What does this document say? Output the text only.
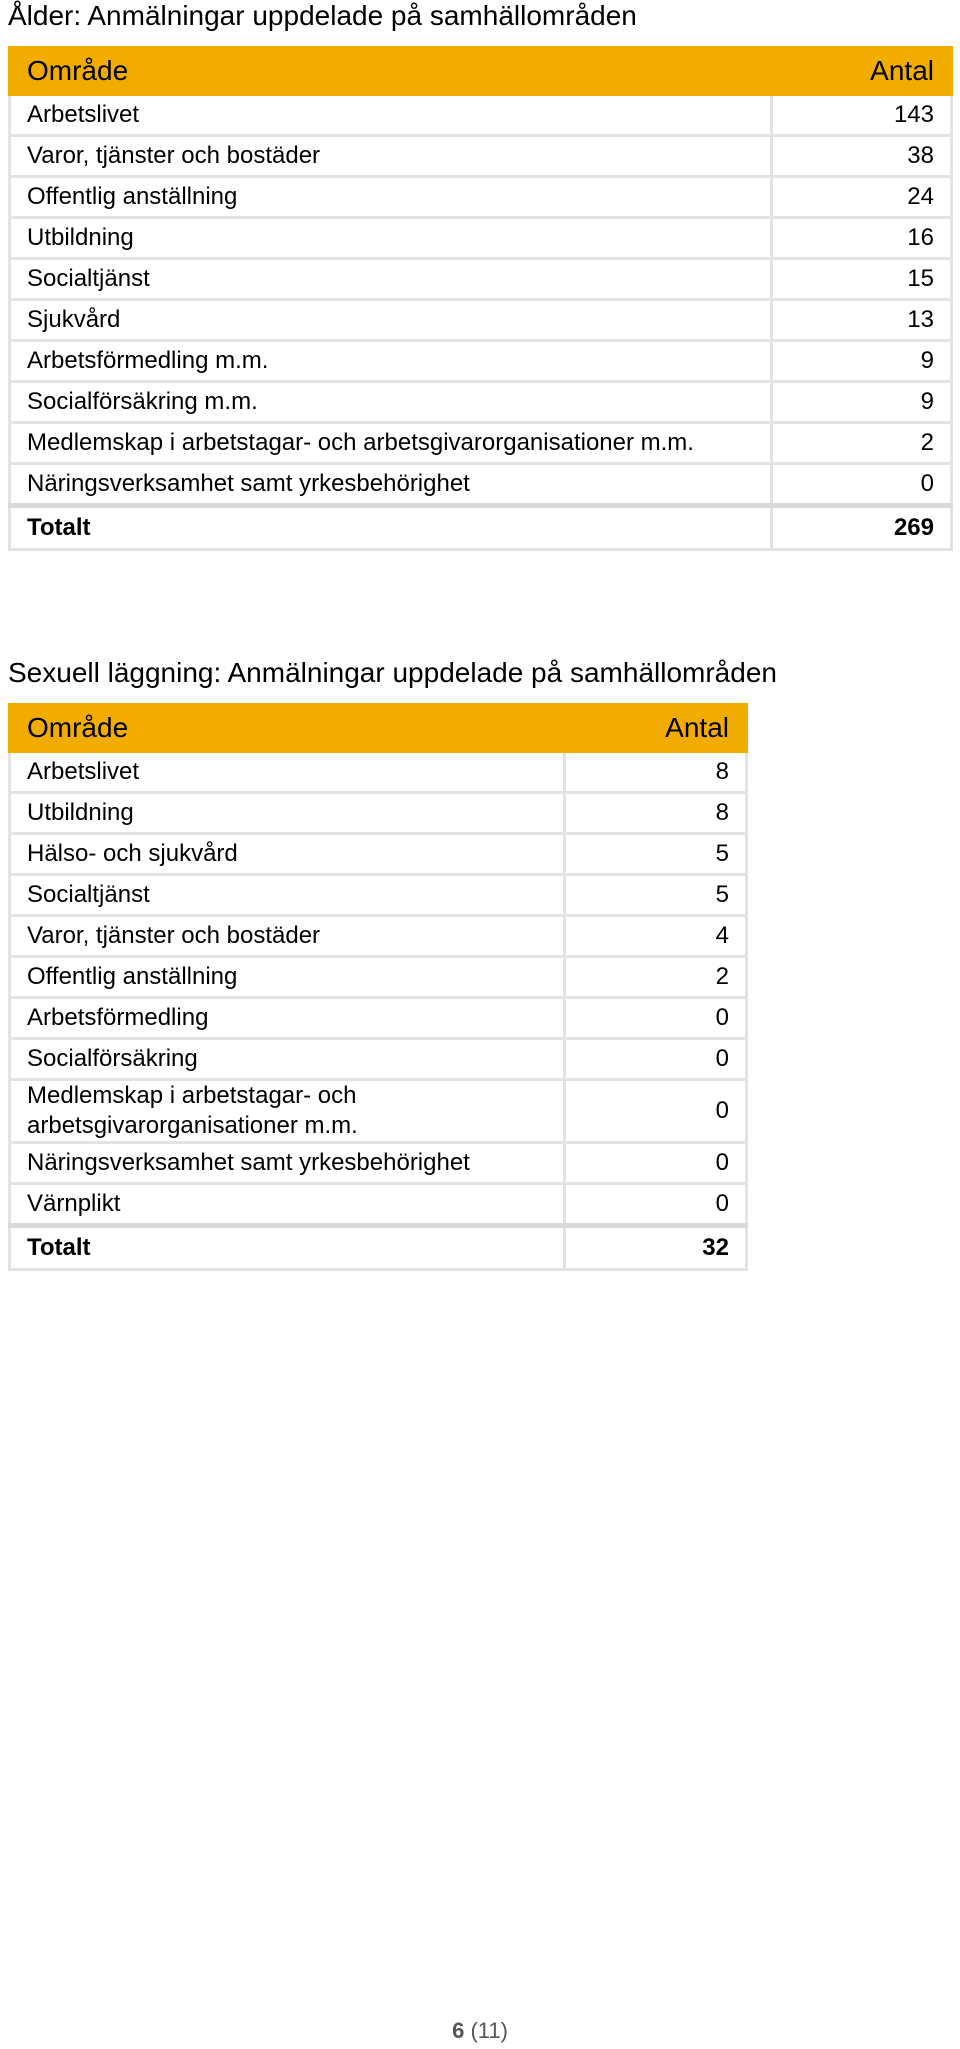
Ålder: Anmälningar uppdelade på samhällområden
Område	Antal
Arbetslivet	143
Varor, tjänster och bostäder	38
Offentlig anställning	24
Utbildning	16
Socialtjänst	15
Sjukvård	13
Arbetsförmedling m.m.	9
Socialförsäkring m.m.	9
Medlemskap i arbetstagar- och arbetsgivarorganisationer m.m.	2
Näringsverksamhet samt yrkesbehörighet	0
Totalt	269
Sexuell läggning: Anmälningar uppdelade på samhällområden
Område	Antal
Arbetslivet	8
Utbildning	8
Hälso- och sjukvård	5
Socialtjänst	5
Varor, tjänster och bostäder	4
Offentlig anställning	2
Arbetsförmedling	0
Socialförsäkring	0
Medlemskap i arbetstagar- och
arbetsgivarorganisationer m.m.	0
Näringsverksamhet samt yrkesbehörighet	0
Värnplikt	0
Totalt	32
6 (11)
